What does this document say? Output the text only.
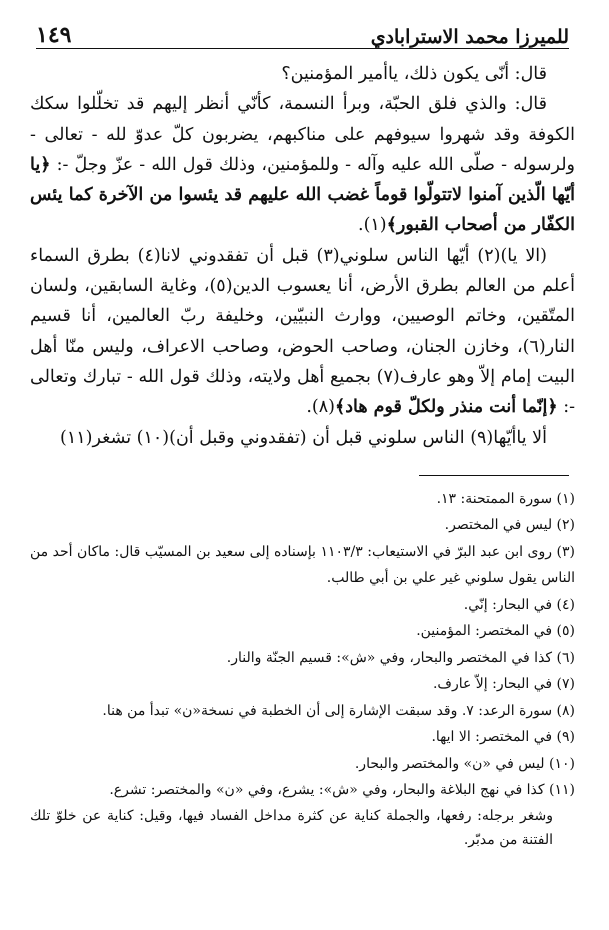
للميرزا محمد الاسترابادي
١٤٩

قال: أنّى يكون ذلك، ياأمير المؤمنين؟

قال: والذي فلق الحبّة، وبرأ النسمة، كأنّي أنظر إليهم قد تخلّلوا سكك الكوفة وقد شهروا سيوفهم على مناكبهم، يضربون كلّ عدوّ لله - تعالى - ولرسوله - صلّى الله عليه وآله - وللمؤمنين، وذلك قول الله - عزّ وجلّ -: ﴿يا أيّها الّذين آمنوا لاتتولّوا قوماً غضب الله عليهم قد يئسوا من الآخرة كما يئس الكفّار من أصحاب القبور﴾(١).

(الا يا)(٢) أيّها الناس سلوني(٣) قبل أن تفقدوني لانا(٤) بطرق السماء أعلم من العالم بطرق الأرض، أنا يعسوب الدين(٥)، وغاية السابقين، ولسان المتّقين، وخاتم الوصيين، ووارث النبيّين، وخليفة ربّ العالمين، أنا قسيم النار(٦)، وخازن الجنان، وصاحب الحوض، وصاحب الاعراف، وليس منّا أهل البيت إمام إلاّ وهو عارف(٧) بجميع أهل ولايته، وذلك قول الله - تبارك وتعالى -: ﴿إنّما أنت منذر ولكلّ قوم هاد﴾(٨).

ألا ياأيّها(٩) الناس سلوني قبل أن (تفقدوني وقبل أن)(١٠) تشغر(١١)

(١) سورة الممتحنة: ١٣.

(٢) ليس في المختصر.

(٣) روى ابن عبد البرّ في الاستيعاب: ١١٠٣/٣ بإسناده إلى سعيد بن المسيّب قال: ماكان أحد من الناس يقول سلوني غير علي بن أبي طالب.

(٤) في البحار: إنّي.

(٥) في المختصر: المؤمنين.

(٦) كذا في المختصر والبحار، وفي «ش»: قسيم الجنّة والنار.

(٧) في البحار: إلاّ عارف.

(٨) سورة الرعد: ٧. وقد سبقت الإشارة إلى أن الخطبة في نسخة«ن» تبدأ من هنا.

(٩) في المختصر: الا ايها.

(١٠) ليس في «ن» والمختصر والبحار.

(١١) كذا في نهج البلاغة والبحار، وفي «ش»: يشرع، وفي «ن» والمختصر: تشرع.

وشغر برجله: رفعها، والجملة كناية عن كثرة مداخل الفساد فيها، وقيل: كناية عن خلوّ تلك الفتنة من مدبّر.
